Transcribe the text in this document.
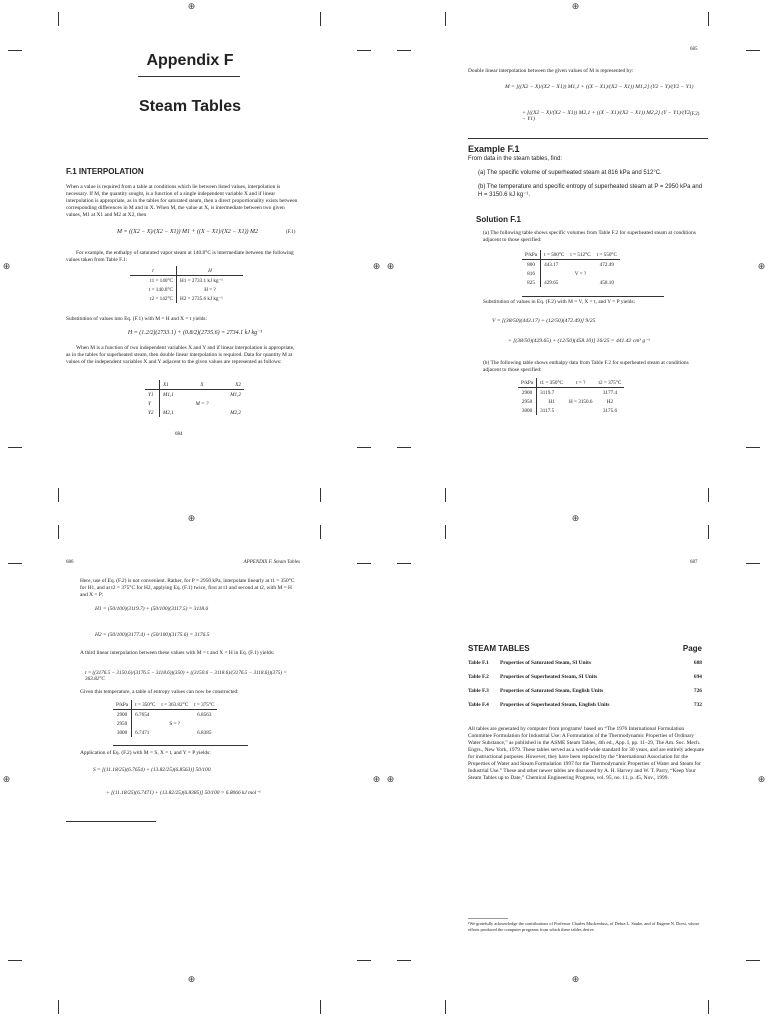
⊕	⊕
⊕	⊕ ⊕	⊕
⊕	⊕
⊕	⊕
⊕	⊕ ⊕	⊕
Appendix F
Steam Tables
F.1 INTERPOLATION
When a value is required from a table at conditions which lie between listed values, interpolation is necessary. If M, the quantity sought, is a function of a single independent variable X and if linear interpolation is appropriate, as in the tables for saturated steam, then a direct proportionality exists between corresponding differences in M and in X. When M, the value at X, is intermediate between two given values, M1 at X1 and M2 at X2, then
M = ((X2 − X)/(X2 − X1)) M1 + ((X − X1)/(X2 − X1)) M2	(F.1)
For example, the enthalpy of saturated vapor steam at 140.8°C is intermediate between the following values taken from Table F.1:
t	H
t1 = 140°C	H1 = 2733.1 kJ kg⁻¹
t = 140.8°C	H = ?
t2 = 142°C	H2 = 2735.6 kJ kg⁻¹
Substitution of values into Eq. (F.1) with M = H and X = t yields:
H = (1.2/2)(2733.1) + (0.8/2)(2735.6) = 2734.1 kJ kg⁻¹
When M is a function of two independent variables X and Y and if linear interpolation is appropriate, as in the tables for superheated steam, then double linear interpolation is required. Data for quantity M at values of the independent variables X and Y adjacent to the given values are represented as follows:
	X1	X	X2
Y1	M1,1		M1,2
Y		M = ?	
Y2	M2,1		M2,2
684
685
Double linear interpolation between the given values of M is represented by:
M = [((X2 − X)/(X2 − X1)) M1,1 + ((X − X1)/(X2 − X1)) M1,2] (Y2 − Y)/(Y2 − Y1)
+ [((X2 − X)/(X2 − X1)) M2,1 + ((X − X1)/(X2 − X1)) M2,2] (Y − Y1)/(Y2 − Y1)
(F.2)
Example F.1
From data in the steam tables, find:
(a) The specific volume of superheated steam at 816 kPa and 512°C.
(b) The temperature and specific entropy of superheated steam at P = 2950 kPa and H = 3150.6 kJ kg⁻¹.
Solution F.1
(a) The following table shows specific volumes from Table F.2 for superheated steam at conditions adjacent to those specified:
P/kPa	t = 500°C	t = 512°C	t = 550°C
800	443.17		472.49
816		V = ?	
825	429.65		458.10
Substitution of values in Eq. (F.2) with M = V, X = t, and Y = P yields:
V = [(38/50)(443.17) + (12/50)(472.49)] 9/25
+ [(38/50)(429.65) + (12/50)(458.10)] 16/25 = 441.42 cm³ g⁻¹
(b) The following table shows enthalpy data from Table F.2 for superheated steam at conditions adjacent to those specified:
P/kPa	t1 = 350°C	t = ?	t2 = 375°C
2900	3119.7		3177.4
2950	H1	H = 3150.6	H2
3000	3117.5		3175.6
686	APPENDIX F. Steam Tables
Here, use of Eq. (F.2) is not convenient. Rather, for P = 2950 kPa, interpolate linearly at t1 = 350°C for H1, and at t2 = 375°C for H2, applying Eq. (F.1) twice, first at t1 and second at t2, with M = H and X = P:
H1 = (50/100)(3119.7) + (50/100)(3117.5) = 3118.6
H2 = (50/100)(3177.4) + (50/100)(3175.6) = 3176.5
A third linear interpolation between these values with M = t and X = H in Eq. (F.1) yields:
t = ((3176.5 − 3150.6)/(3176.5 − 3118.6))(350) + ((3150.6 − 3118.6)/(3176.5 − 3118.6))(375) = 363.82°C
Given this temperature, a table of entropy values can now be constructed:
P/kPa	t = 350°C	t = 363.82°C	t = 375°C
2900	6.7654		6.8563
2950		S = ?	
3000	6.7471		6.8385
Application of Eq. (F.2) with M = S, X = t, and Y = P yields:
S = [(11.18/25)(6.7654) + (13.82/25)(6.8563)] 50/100
+ [(11.18/25)(6.7471) + (13.82/25)(6.8385)] 50/100 = 6.8066 kJ mol⁻¹
687
STEAM TABLES	Page
Table F.1 Properties of Saturated Steam, SI Units	688
Table F.2 Properties of Superheated Steam, SI Units	694
Table F.3 Properties of Saturated Steam, English Units	726
Table F.4 Properties of Superheated Steam, English Units	732
All tables are generated by computer from programs¹ based on “The 1976 International Formulation Committee Formulation for Industrial Use: A Formulation of the Thermodynamic Properties of Ordinary Water Substance,” as published in the ASME Steam Tables, 4th ed., App. I, pp. 11–29, The Am. Soc. Mech. Engrs., New York, 1979. These tables served as a world-wide standard for 30 years, and are entirely adequate for instructional purposes. However, they have been replaced by the “International Association for the Properties of Water and Steam Formulation 1997 for the Thermodynamic Properties of Water and Steam for Industrial Use.” These and other newer tables are discussed by A. H. Harvey and W. T. Parry, “Keep Your Steam Tables up to Date,” Chemical Engineering Progress, vol. 95, no. 11, p. 45, Nov., 1999.
¹We gratefully acknowledge the contributions of Professor Charles Muckenfuss, of Debra L. Sauke, and of Eugene N. Dorsi, whose efforts produced the computer programs from which these tables derive.
